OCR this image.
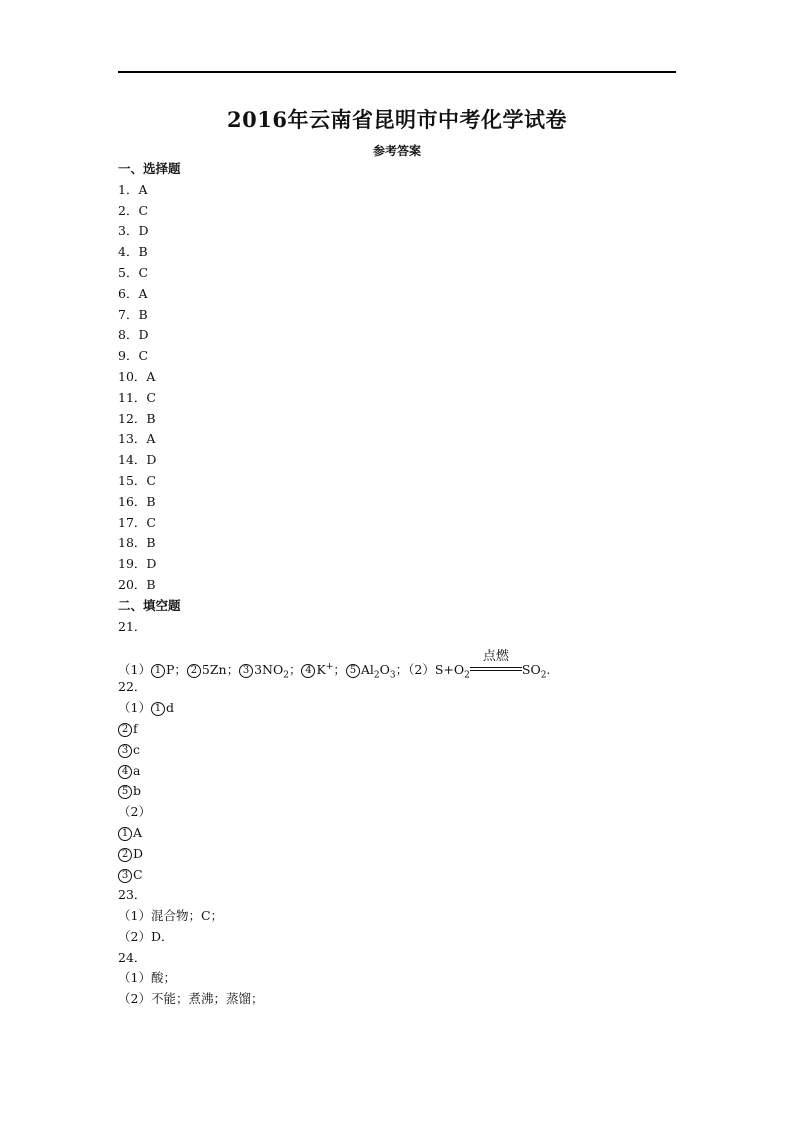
2016年云南省昆明市中考化学试卷
参考答案
一、选择题
1．A
2．C
3．D
4．B
5．C
6．A
7．B
8．D
9．C
10．A
11．C
12．B
13．A
14．D
15．C
16．B
17．C
18．B
19．D
20．B
二、填空题
21．
（1） 1 P； 2 5Zn； 3 $3NO_2$； 4 K+； 5 $Al_2O_3$；$(2)S+O_2$
点燃
$SO_2$.
22．
（1） 1 d
2 f
3 c
4 a
5 b
（2）
1 A
2 D
3 C
23．
（1）混合物；C；
（2）D．
24．
（1）酸；
（2）不能；煮沸；蒸馏；
